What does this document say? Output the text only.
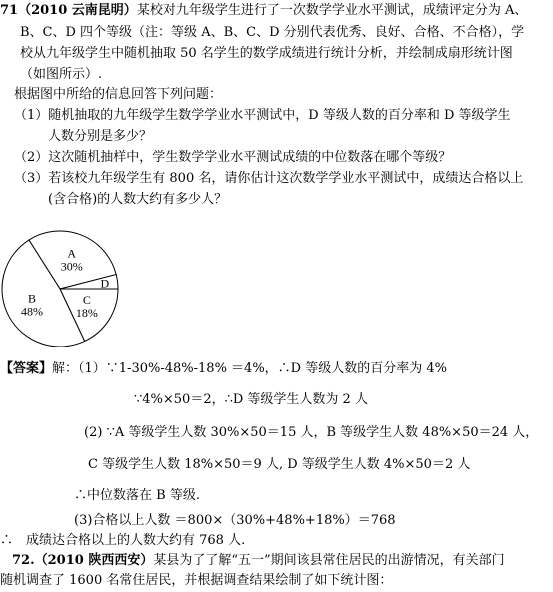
71（2010 云南昆明）某校对九年级学生进行了一次数学学业水平测试，成绩评定分为 A、
B、C、D 四个等级（注：等级 A、B、C、D 分别代表优秀、良好、合格、不合格），学
校从九年级学生中随机抽取 50 名学生的数学成绩进行统计分析，并绘制成扇形统计图
（如图所示）.
根据图中所给的信息回答下列问题：
（1）随机抽取的九年级学生数学学业水平测试中，D 等级人数的百分率和 D 等级学生
人数分别是多少？
（2）这次随机抽样中，学生数学学业水平测试成绩的中位数落在哪个等级？
（3）若该校九年级学生有 800 名，请你估计这次数学学业水平测试中，成绩达合格以上
(含合格)的人数大约有多少人？
A
30%
D
C
18%
B
48%
【答案】解：（1）∵1-30%-48%-18% ＝4%，∴D 等级人数的百分率为 4%
∵4%×50＝2，∴D 等级学生人数为 2 人
(2) ∵A 等级学生人数 30%×50＝15 人，B 等级学生人数 48%×50＝24 人，
C 等级学生人数 18%×50＝9 人, D 等级学生人数 4%×50＝2 人
∴中位数落在 B 等级.
(3)合格以上人数 ＝800×（30%+48%+18%）＝768
∴　成绩达合格以上的人数大约有 768 人.
72.（2010 陕西西安）某县为了了解“五一”期间该县常住居民的出游情况，有关部门
随机调查了 1600 名常住居民，并根据调查结果绘制了如下统计图：
